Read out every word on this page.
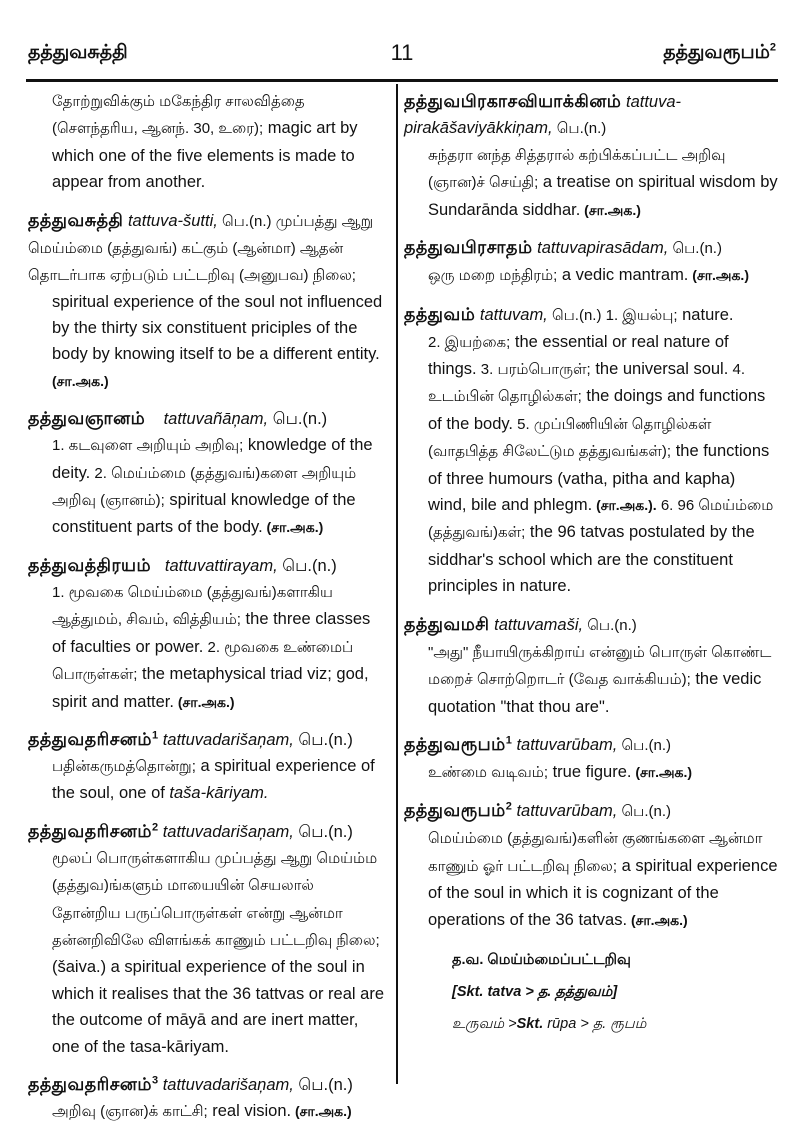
தத்துவசுத்தி	11	தத்துவரூபம்$^2$

தோற்றுவிக்கும் மகேந்திர சாலவித்தை (சௌந்தரிய, ஆனந். 30, உரை); magic art by which one of the five elements is made to appear from another.

தத்துவசுத்தி tattuva-šutti, பெ.(n.) முப்பத்து ஆறு மெய்ம்மை (தத்துவங்) கட்கும் (ஆன்மா) ஆதன் தொடர்பாக ஏற்படும் பட்டறிவு (அனுபவ) நிலை;

spiritual experience of the soul not influenced by the thirty six constituent priciples of the body by knowing itself to be a different entity. (சா.அக.)

தத்துவஞானம் tattuvañāņam, பெ.(n.)

1. கடவுளை அறியும் அறிவு; knowledge of the deity. 2. மெய்ம்மை (தத்துவங்)களை அறியும் அறிவு (ஞானம்); spiritual knowledge of the constituent parts of the body. (சா.அக.)

தத்துவத்திரயம் tattuvattirayam, பெ.(n.)

1. மூவகை மெய்ம்மை (தத்துவங்)களாகிய ஆத்துமம், சிவம், வித்தியம்; the three classes of faculties or power. 2. மூவகை உண்மைப் பொருள்கள்; the metaphysical triad viz; god, spirit and matter. (சா.அக.)

தத்துவதரிசனம்$^1$ tattuvadarišaņam, பெ.(n.)

பதின்கருமத்தொன்று; a spiritual experience of the soul, one of taša-kāriyam.

தத்துவதரிசனம்$^2$ tattuvadarišaņam, பெ.(n.)

மூலப் பொருள்களாகிய முப்பத்து ஆறு மெய்ம்ம (தத்துவ)ங்களும் மாயையின் செயலால் தோன்றிய பருப்பொருள்கள் என்று ஆன்மா தன்னறிவிலே விளங்கக் காணும் பட்டறிவு நிலை; (šaiva.) a spiritual experience of the soul in which it realises that the 36 tattvas or real are the outcome of māyā and are inert matter, one of the tasa-kāriyam.

தத்துவதரிசனம்$^3$ tattuvadarišaņam, பெ.(n.)

அறிவு (ஞான)க் காட்சி; real vision. (சா.அக.)

தத்துவபிரகாசவியாக்கினம் tattuva-pirakāšaviyākkiņam, பெ.(n.)

சுந்தரா னந்த சித்தரால் கற்பிக்கப்பட்ட அறிவு (ஞான)ச் செய்தி; a treatise on spiritual wisdom by Sundarānda siddhar. (சா.அக.)

தத்துவபிரசாதம் tattuvapirasādam, பெ.(n.)

ஒரு மறை மந்திரம்; a vedic mantram. (சா.அக.)

தத்துவம் tattuvam, பெ.(n.) 1. இயல்பு; nature.

2. இயற்கை; the essential or real nature of things. 3. பரம்பொருள்; the universal soul. 4. உடம்பின் தொழில்கள்; the doings and functions of the body. 5. முப்பிணியின் தொழில்கள் (வாதபித்த சிலேட்டும தத்துவங்கள்); the functions of three humours (vatha, pitha and kapha) wind, bile and phlegm. (சா.அக.). 6. 96 மெய்ம்மை (தத்துவங்)கள்; the 96 tatvas postulated by the siddhar's school which are the constituent principles in nature.

தத்துவமசி tattuvamaši, பெ.(n.)

"அது" நீயாயிருக்கிறாய் என்னும் பொருள் கொண்ட மறைச் சொற்றொடர் (வேத வாக்கியம்); the vedic quotation "that thou are".

தத்துவரூபம்$^1$ tattuvarūbam, பெ.(n.)

உண்மை வடிவம்; true figure. (சா.அக.)

தத்துவரூபம்$^2$ tattuvarūbam, பெ.(n.)

மெய்ம்மை (தத்துவங்)களின் குணங்களை ஆன்மா காணும் ஓர் பட்டறிவு நிலை; a spiritual experience of the soul in which it is cognizant of the operations of the 36 tatvas. (சா.அக.)

த.வ. மெய்ம்மைப்பட்டறிவு
[Skt. tatva > த. தத்துவம்]
உருவம் >Skt. rūpa > த. ரூபம்
